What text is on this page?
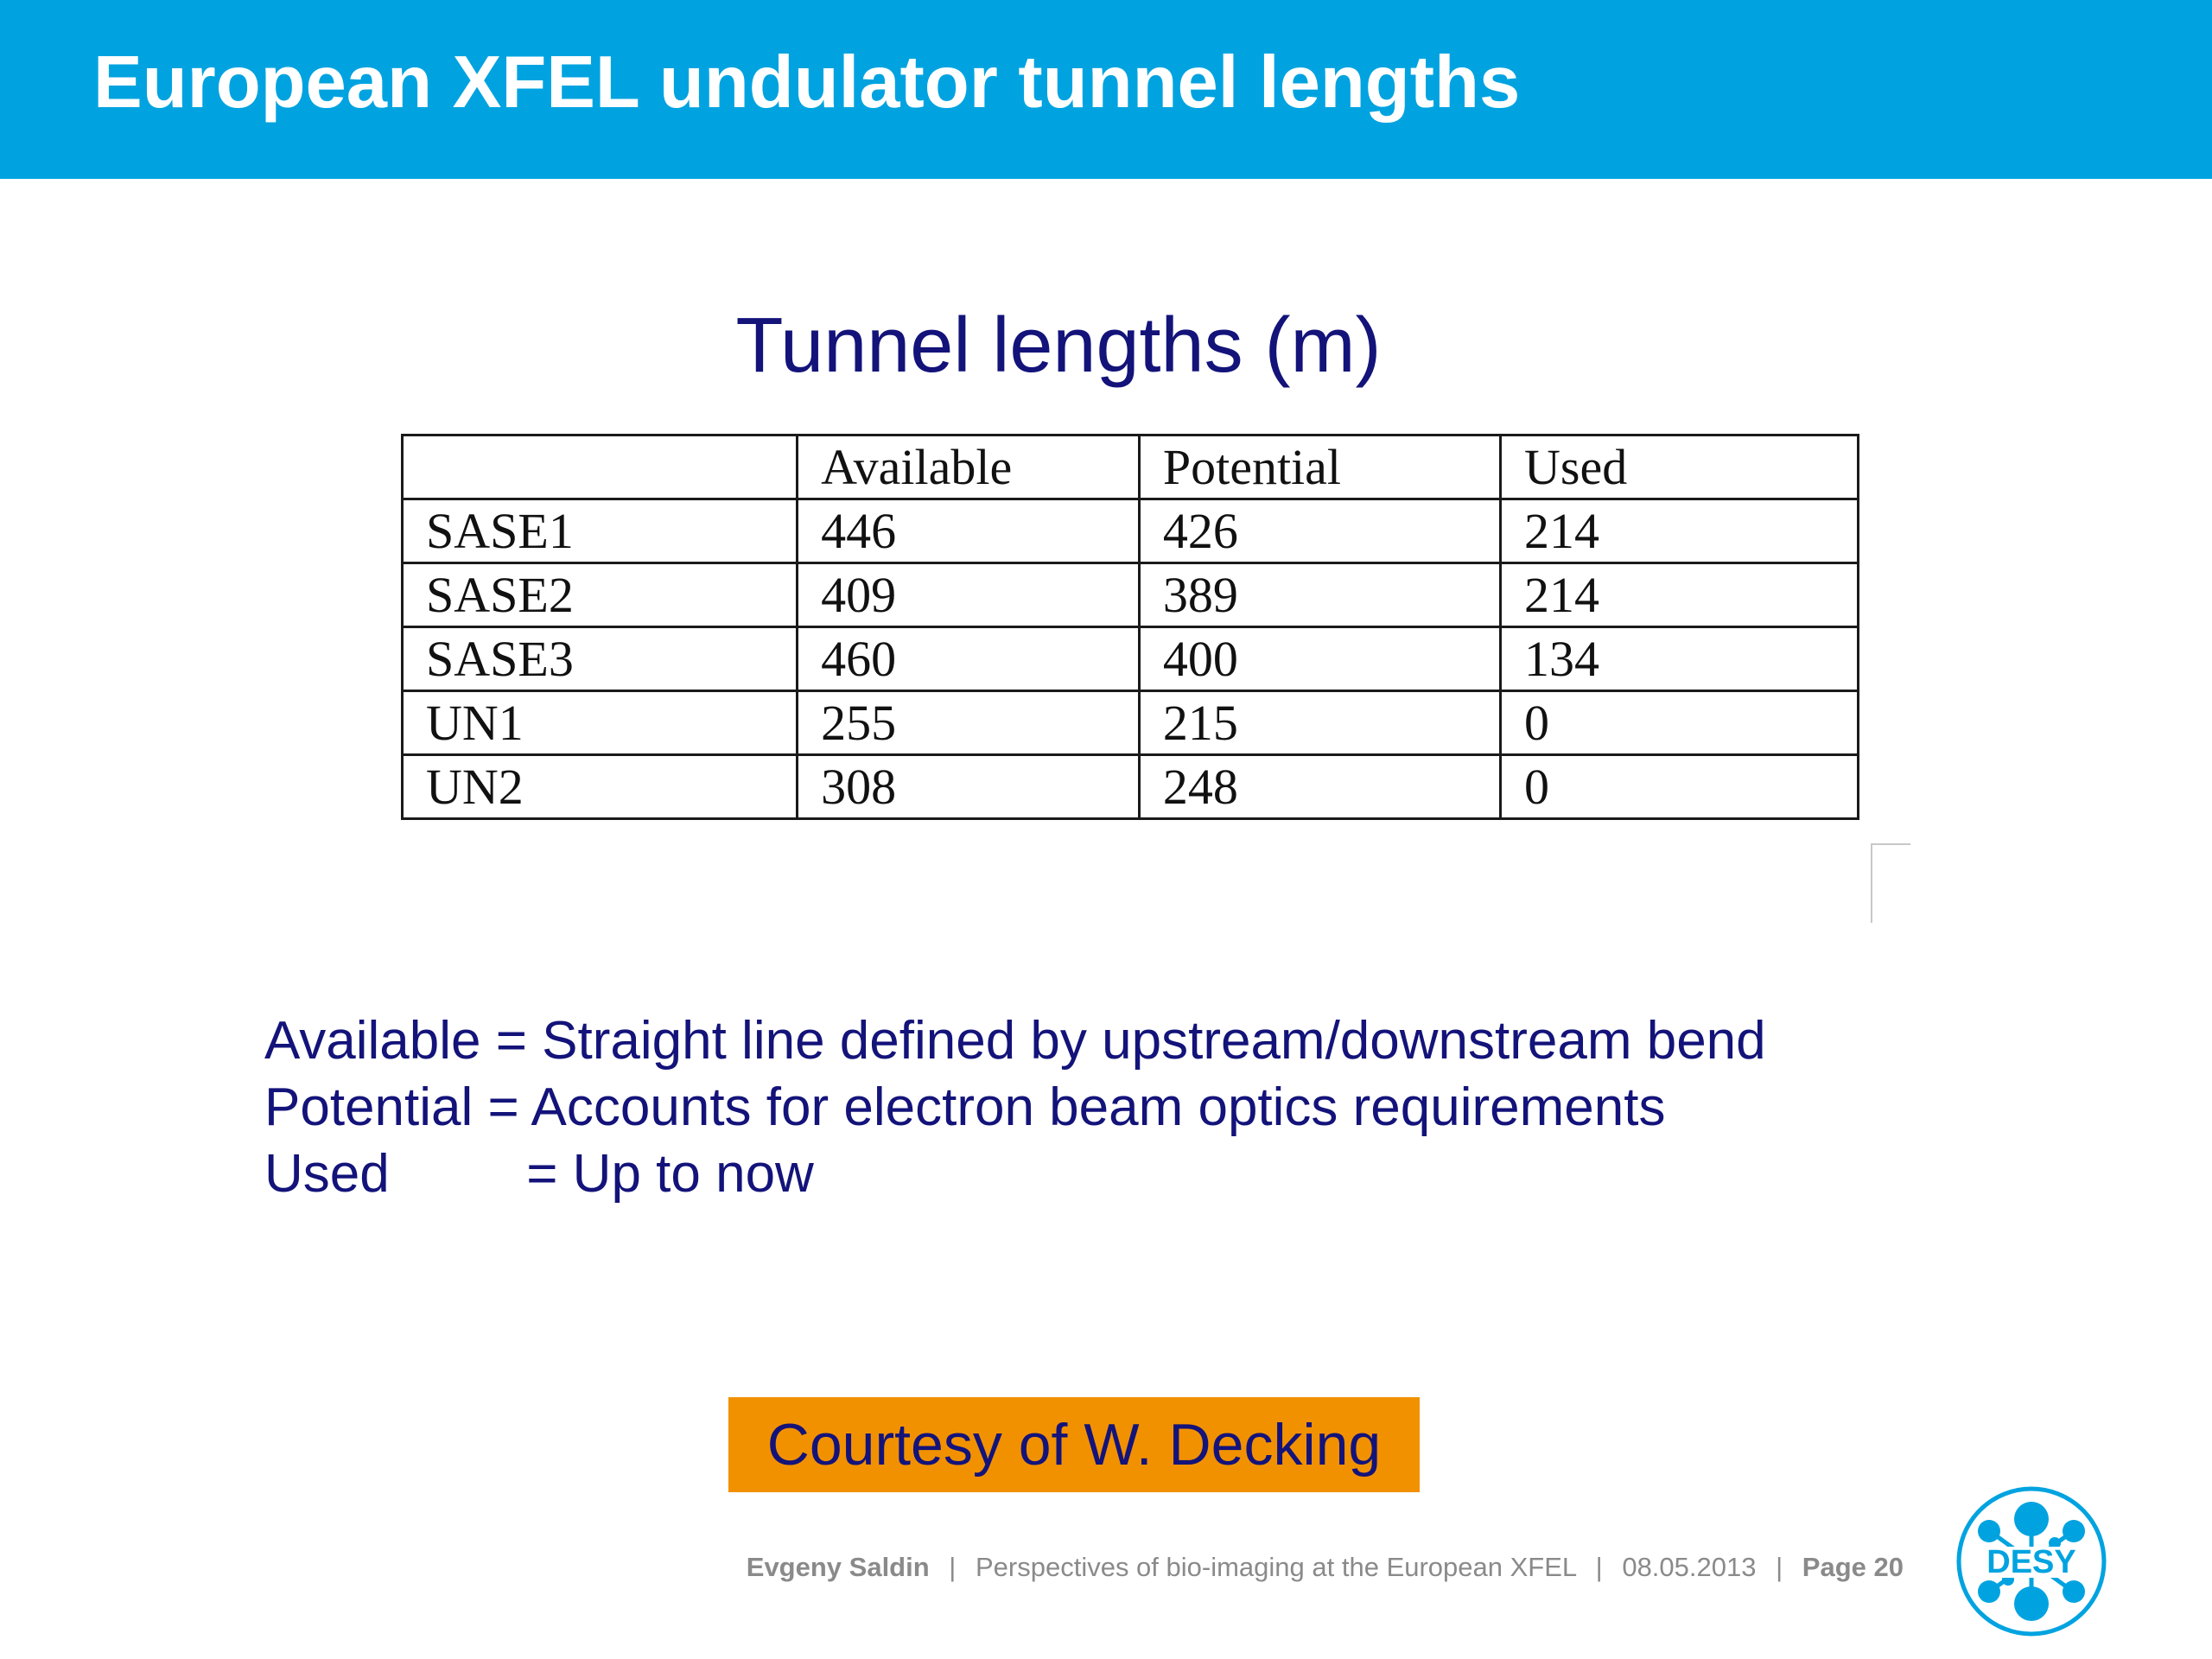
European XFEL undulator tunnel lengths
Tunnel lengths (m)
	Available	Potential	Used
SASE1	446	426	214
SASE2	409	389	214
SASE3	460	400	134
UN1	255	215	0
UN2	308	248	0
Available = Straight line defined by upstream/downstream bend
Potential = Accounts for electron beam optics requirements
Used	= Up to now
Courtesy of W. Decking
Evgeny Saldin | Perspectives of bio-imaging at the European XFEL | 08.05.2013 | Page 20	DESY
